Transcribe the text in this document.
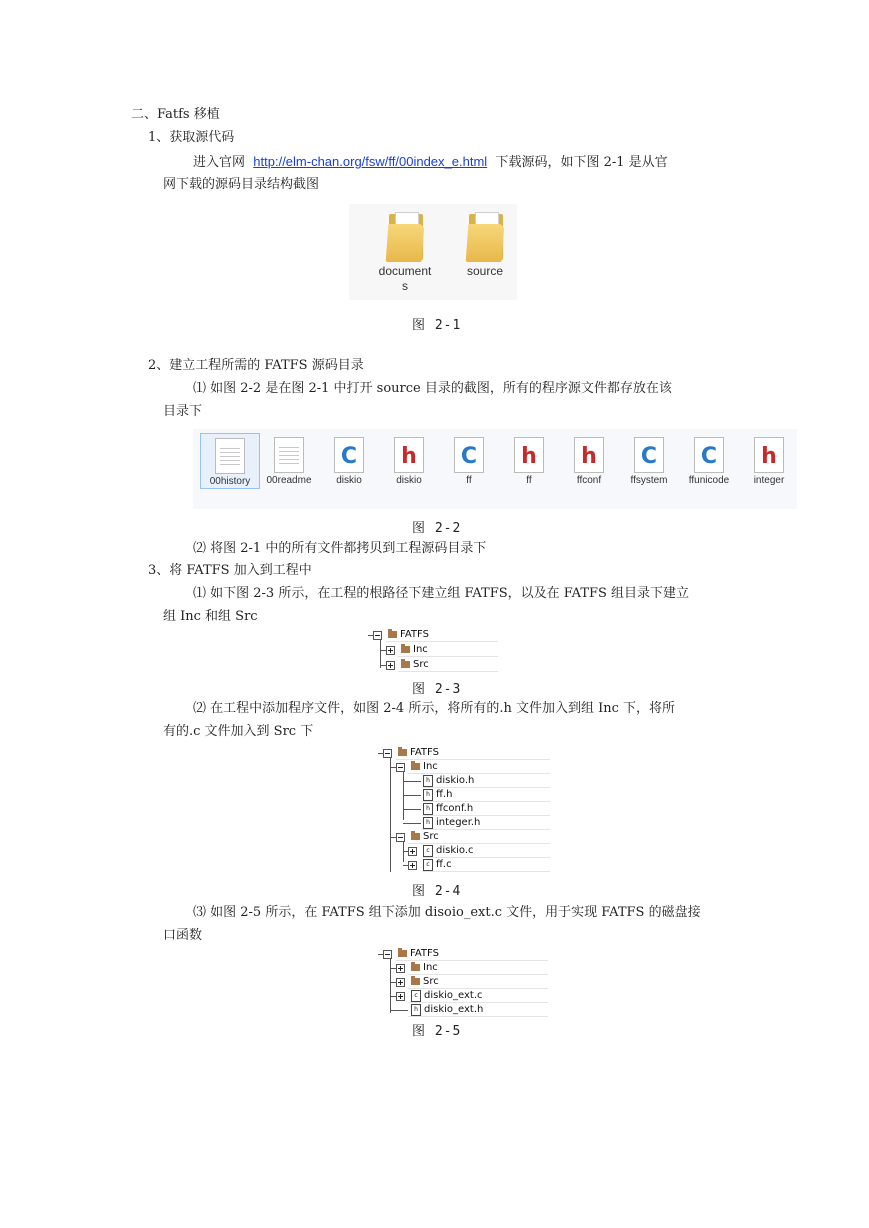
二、Fatfs 移植
1、获取源代码
进入官网 http://elm-chan.org/fsw/ff/00index_e.html 下载源码，如下图 2-1 是从官
网下载的源码目录结构截图
document
s
source
图 2-1
2、建立工程所需的 FATFS 源码目录
⑴ 如图 2-2 是在图 2-1 中打开 source 目录的截图，所有的程序源文件都存放在该
目录下
00history	00readme
C
diskio
h
diskio
C
ff
h
ff
h
ffconf
C
ffsystem
C
ffunicode
h
integer
图 2-2
⑵ 将图 2-1 中的所有文件都拷贝到工程源码目录下
3、将 FATFS 加入到工程中
⑴ 如下图 2-3 所示，在工程的根路径下建立组 FATFS，以及在 FATFS 组目录下建立
组 Inc 和组 Src
FATFS
Inc
Src
图 2-3
⑵ 在工程中添加程序文件，如图 2-4 所示，将所有的.h 文件加入到组 Inc 下，将所
有的.c 文件加入到 Src 下
FATFS
Inc
h diskio.h
h ff.h
h ffconf.h
h integer.h
Src
c diskio.c
c ff.c
图 2-4
⑶ 如图 2-5 所示，在 FATFS 组下添加 disoio_ext.c 文件，用于实现 FATFS 的磁盘接
口函数
FATFS
Inc
Src
c diskio_ext.c
h diskio_ext.h
图 2-5
